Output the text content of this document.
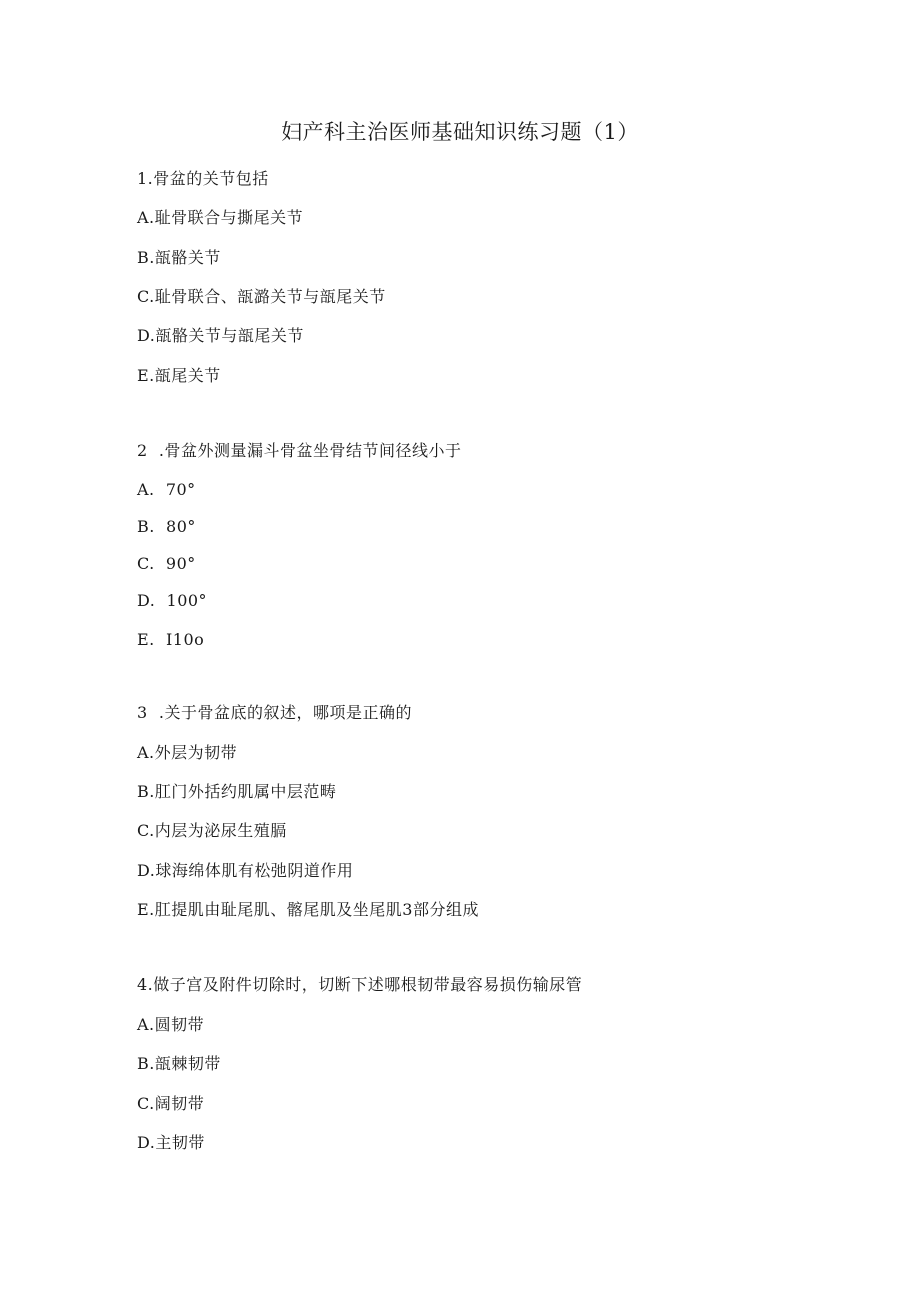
妇产科主治医师基础知识练习题（1）
1.骨盆的关节包括
A.耻骨联合与撕尾关节
B.瓿骼关节
C.耻骨联合、瓿潞关节与瓿尾关节
D.瓿骼关节与瓿尾关节
E.瓿尾关节
2  .骨盆外测量漏斗骨盆坐骨结节间径线小于
A.  70°
B.  80°
C.  90°
D.  100°
E.  I10o
3  .关于骨盆底的叙述，哪项是正确的
A.外层为韧带
B.肛门外括约肌属中层范畴
C.内层为泌尿生殖膈
D.球海绵体肌有松弛阴道作用
E.肛提肌由耻尾肌、髂尾肌及坐尾肌3部分组成
4.做子宫及附件切除时，切断下述哪根韧带最容易损伤输尿管
A.圆韧带
B.瓿棘韧带
C.阔韧带
D.主韧带
